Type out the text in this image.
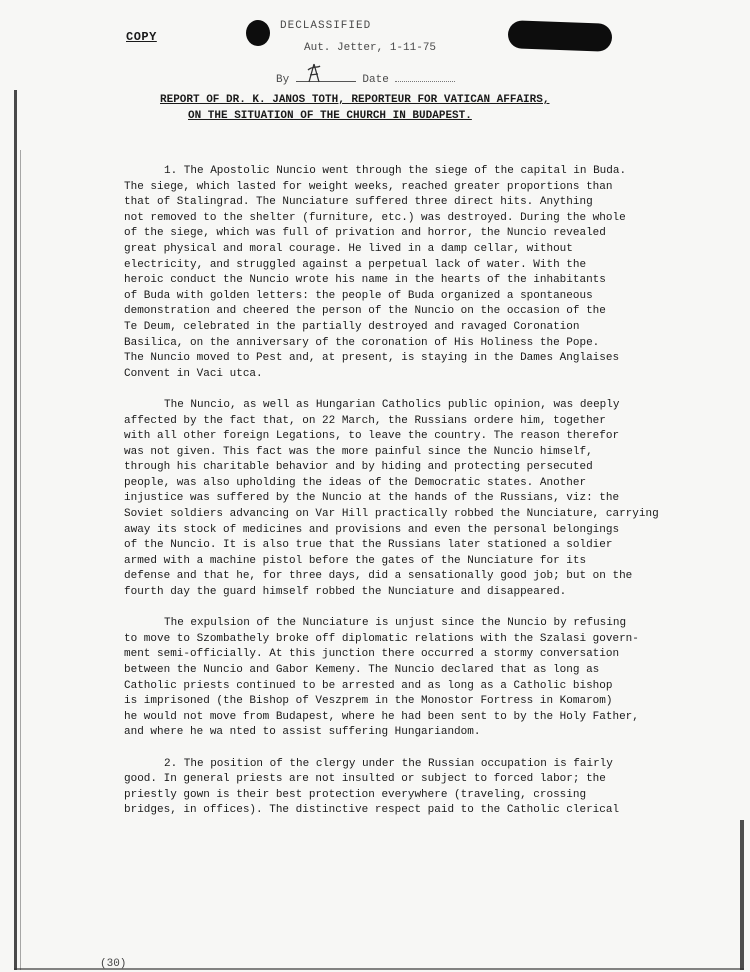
COPY
DECLASSIFIED
Aut. Jetter, 1-11-75
By	Date
REPORT OF DR. K. JANOS TOTH, REPORTEUR FOR VATICAN AFFAIRS,
ON THE SITUATION OF THE CHURCH IN BUDAPEST.
1. The Apostolic Nuncio went through the siege of the capital in Buda.
The siege, which lasted for weight weeks, reached greater proportions than
that of Stalingrad. The Nunciature suffered three direct hits. Anything
not removed to the shelter (furniture, etc.) was destroyed. During the whole
of the siege, which was full of privation and horror, the Nuncio revealed
great physical and moral courage. He lived in a damp cellar, without
electricity, and struggled against a perpetual lack of water. With the
heroic conduct the Nuncio wrote his name in the hearts of the inhabitants
of Buda with golden letters: the people of Buda organized a spontaneous
demonstration and cheered the person of the Nuncio on the occasion of the
Te Deum, celebrated in the partially destroyed and ravaged Coronation
Basilica, on the anniversary of the coronation of His Holiness the Pope.
The Nuncio moved to Pest and, at present, is staying in the Dames Anglaises
Convent in Vaci utca.
The Nuncio, as well as Hungarian Catholics public opinion, was deeply
affected by the fact that, on 22 March, the Russians ordere him, together
with all other foreign Legations, to leave the country. The reason therefor
was not given. This fact was the more painful since the Nuncio himself,
through his charitable behavior and by hiding and protecting persecuted
people, was also upholding the ideas of the Democratic states. Another
injustice was suffered by the Nuncio at the hands of the Russians, viz: the
Soviet soldiers advancing on Var Hill practically robbed the Nunciature, carrying
away its stock of medicines and provisions and even the personal belongings
of the Nuncio. It is also true that the Russians later stationed a soldier
armed with a machine pistol before the gates of the Nunciature for its
defense and that he, for three days, did a sensationally good job; but on the
fourth day the guard himself robbed the Nunciature and disappeared.
The expulsion of the Nunciature is unjust since the Nuncio by refusing
to move to Szombathely broke off diplomatic relations with the Szalasi govern-
ment semi-officially. At this junction there occurred a stormy conversation
between the Nuncio and Gabor Kemeny. The Nuncio declared that as long as
Catholic priests continued to be arrested and as long as a Catholic bishop
is imprisoned (the Bishop of Veszprem in the Monostor Fortress in Komarom)
he would not move from Budapest, where he had been sent to by the Holy Father,
and where he wa nted to assist suffering Hungariandom.
2. The position of the clergy under the Russian occupation is fairly
good. In general priests are not insulted or subject to forced labor; the
priestly gown is their best protection everywhere (traveling, crossing
bridges, in offices). The distinctive respect paid to the Catholic clerical
(30)
